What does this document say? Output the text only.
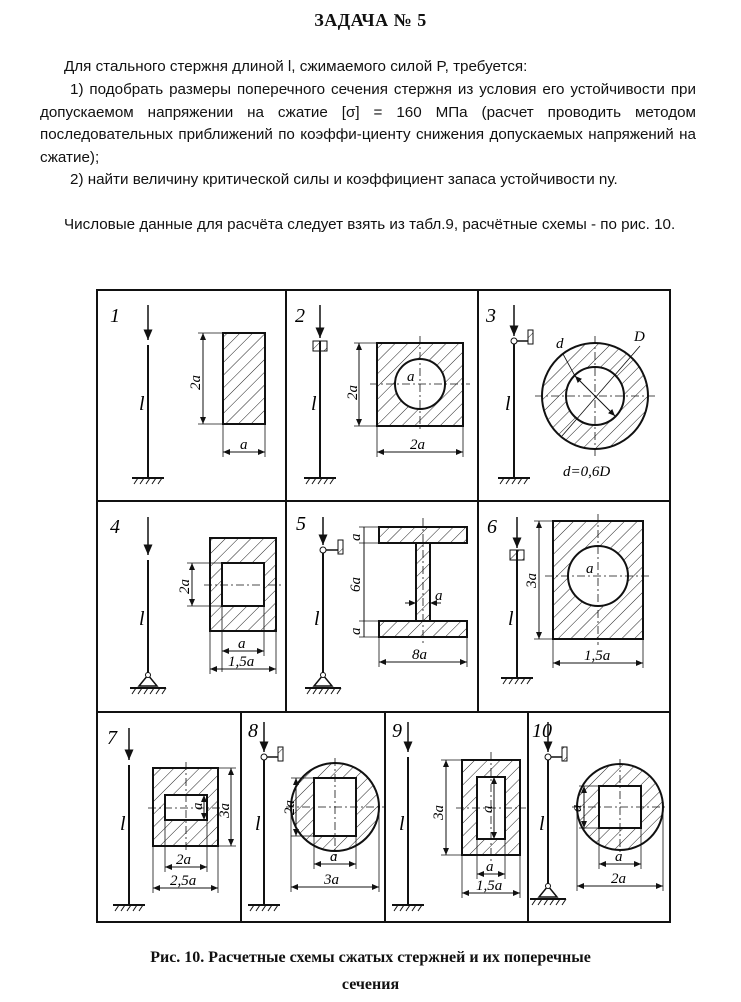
ЗАДАЧА № 5
Для стального стержня длиной l, сжимаемого силой P, требуется:
1) подобрать размеры поперечного сечения стержня из условия его устойчивости при допускаемом напряжении на сжатие [σ] = 160 МПа (расчет проводить методом последовательных приближений по коэффи-циенту снижения допускаемых напряжений на сжатие);
2) найти величину критической силы и коэффициент запаса устойчивости nу.
Числовые данные для расчёта следует взять из табл.9, расчётные схемы - по рис. 10.
1
l
2a
a
2
l
a
2a
2a
3
l
d	D
d=0,6D
4
l
2a
a
1,5a
5
l
a
6a
a
a
8a
6
l
a
3a
1,5a
7
l
a 3a
2a
2,5a
8
l
2a
a
3a
9
l
3a a
a
1,5a
10
l
a
a
2a
Рис. 10. Расчетные схемы сжатых стержней и их поперечные
сечения
